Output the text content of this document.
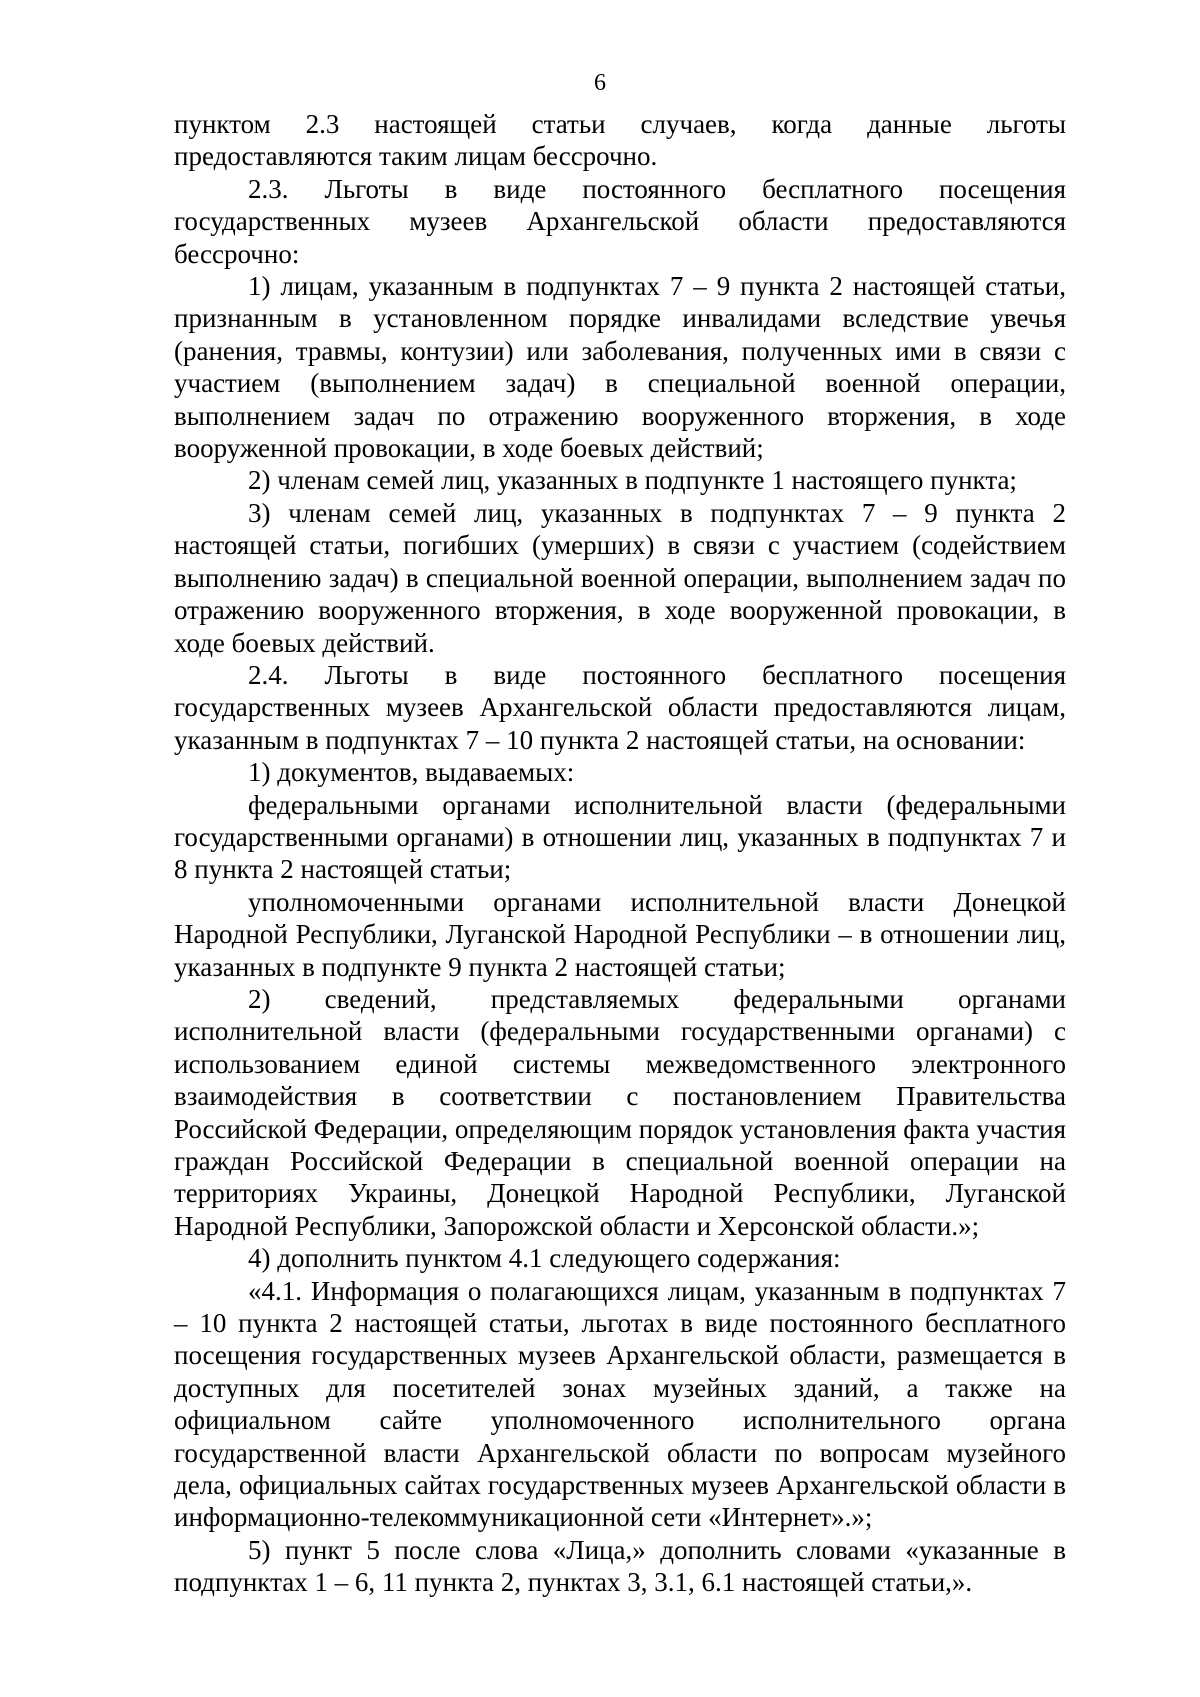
6

пунктом 2.3 настоящей статьи случаев, когда данные льготы предоставляются таким лицам бессрочно.

2.3. Льготы в виде постоянного бесплатного посещения государственных музеев Архангельской области предоставляются бессрочно:

1) лицам, указанным в подпунктах 7 – 9 пункта 2 настоящей статьи, признанным в установленном порядке инвалидами вследствие увечья (ранения, травмы, контузии) или заболевания, полученных ими в связи с участием (выполнением задач) в специальной военной операции, выполнением задач по отражению вооруженного вторжения, в ходе вооруженной провокации, в ходе боевых действий;

2) членам семей лиц, указанных в подпункте 1 настоящего пункта;

3) членам семей лиц, указанных в подпунктах 7 – 9 пункта 2 настоящей статьи, погибших (умерших) в связи с участием (содействием выполнению задач) в специальной военной операции, выполнением задач по отражению вооруженного вторжения, в ходе вооруженной провокации, в ходе боевых действий.

2.4. Льготы в виде постоянного бесплатного посещения государственных музеев Архангельской области предоставляются лицам, указанным в подпунктах 7 – 10 пункта 2 настоящей статьи, на основании:

1) документов, выдаваемых:

федеральными органами исполнительной власти (федеральными государственными органами) в отношении лиц, указанных в подпунктах 7 и 8 пункта 2 настоящей статьи;

уполномоченными органами исполнительной власти Донецкой Народной Республики, Луганской Народной Республики – в отношении лиц, указанных в подпункте 9 пункта 2 настоящей статьи;

2) сведений, представляемых федеральными органами исполнительной власти (федеральными государственными органами) с использованием единой системы межведомственного электронного взаимодействия в соответствии с постановлением Правительства Российской Федерации, определяющим порядок установления факта участия граждан Российской Федерации в специальной военной операции на территориях Украины, Донецкой Народной Республики, Луганской Народной Республики, Запорожской области и Херсонской области.»;

4) дополнить пунктом 4.1 следующего содержания:

«4.1. Информация о полагающихся лицам, указанным в подпунктах 7 – 10 пункта 2 настоящей статьи, льготах в виде постоянного бесплатного посещения государственных музеев Архангельской области, размещается в доступных для посетителей зонах музейных зданий, а также на официальном сайте уполномоченного исполнительного органа государственной власти Архангельской области по вопросам музейного дела, официальных сайтах государственных музеев Архангельской области в информационно-телекоммуникационной сети «Интернет».»;

5) пункт 5 после слова «Лица,» дополнить словами «указанные в подпунктах 1 – 6, 11 пункта 2, пунктах 3, 3.1, 6.1 настоящей статьи,».
